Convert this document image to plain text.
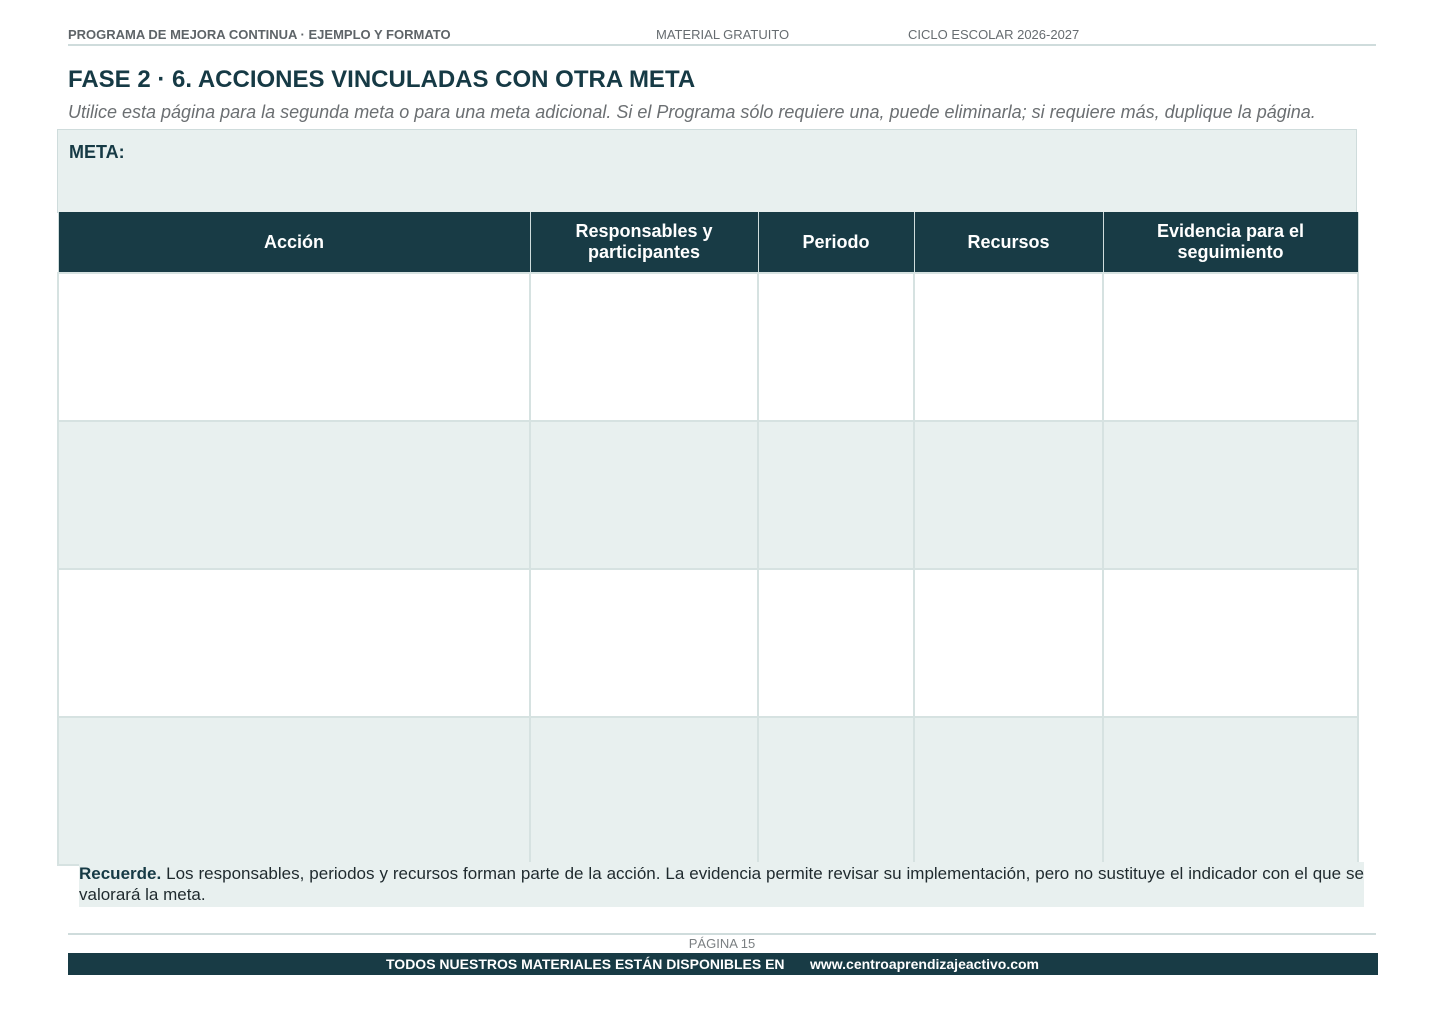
PROGRAMA DE MEJORA CONTINUA · EJEMPLO Y FORMATO	MATERIAL GRATUITO	CICLO ESCOLAR 2026-2027
FASE 2 · 6. ACCIONES VINCULADAS CON OTRA META
Utilice esta página para la segunda meta o para una meta adicional. Si el Programa sólo requiere una, puede eliminarla; si requiere más, duplique la página.
META:
Acción	Responsables y participantes	Periodo	Recursos	Evidencia para el seguimiento

Recuerde. Los responsables, periodos y recursos forman parte de la acción. La evidencia permite revisar su implementación, pero no sustituye el indicador con el que se valorará la meta.
PÁGINA 15
TODOS NUESTROS MATERIALES ESTÁN DISPONIBLES EN www.centroaprendizajeactivo.com
